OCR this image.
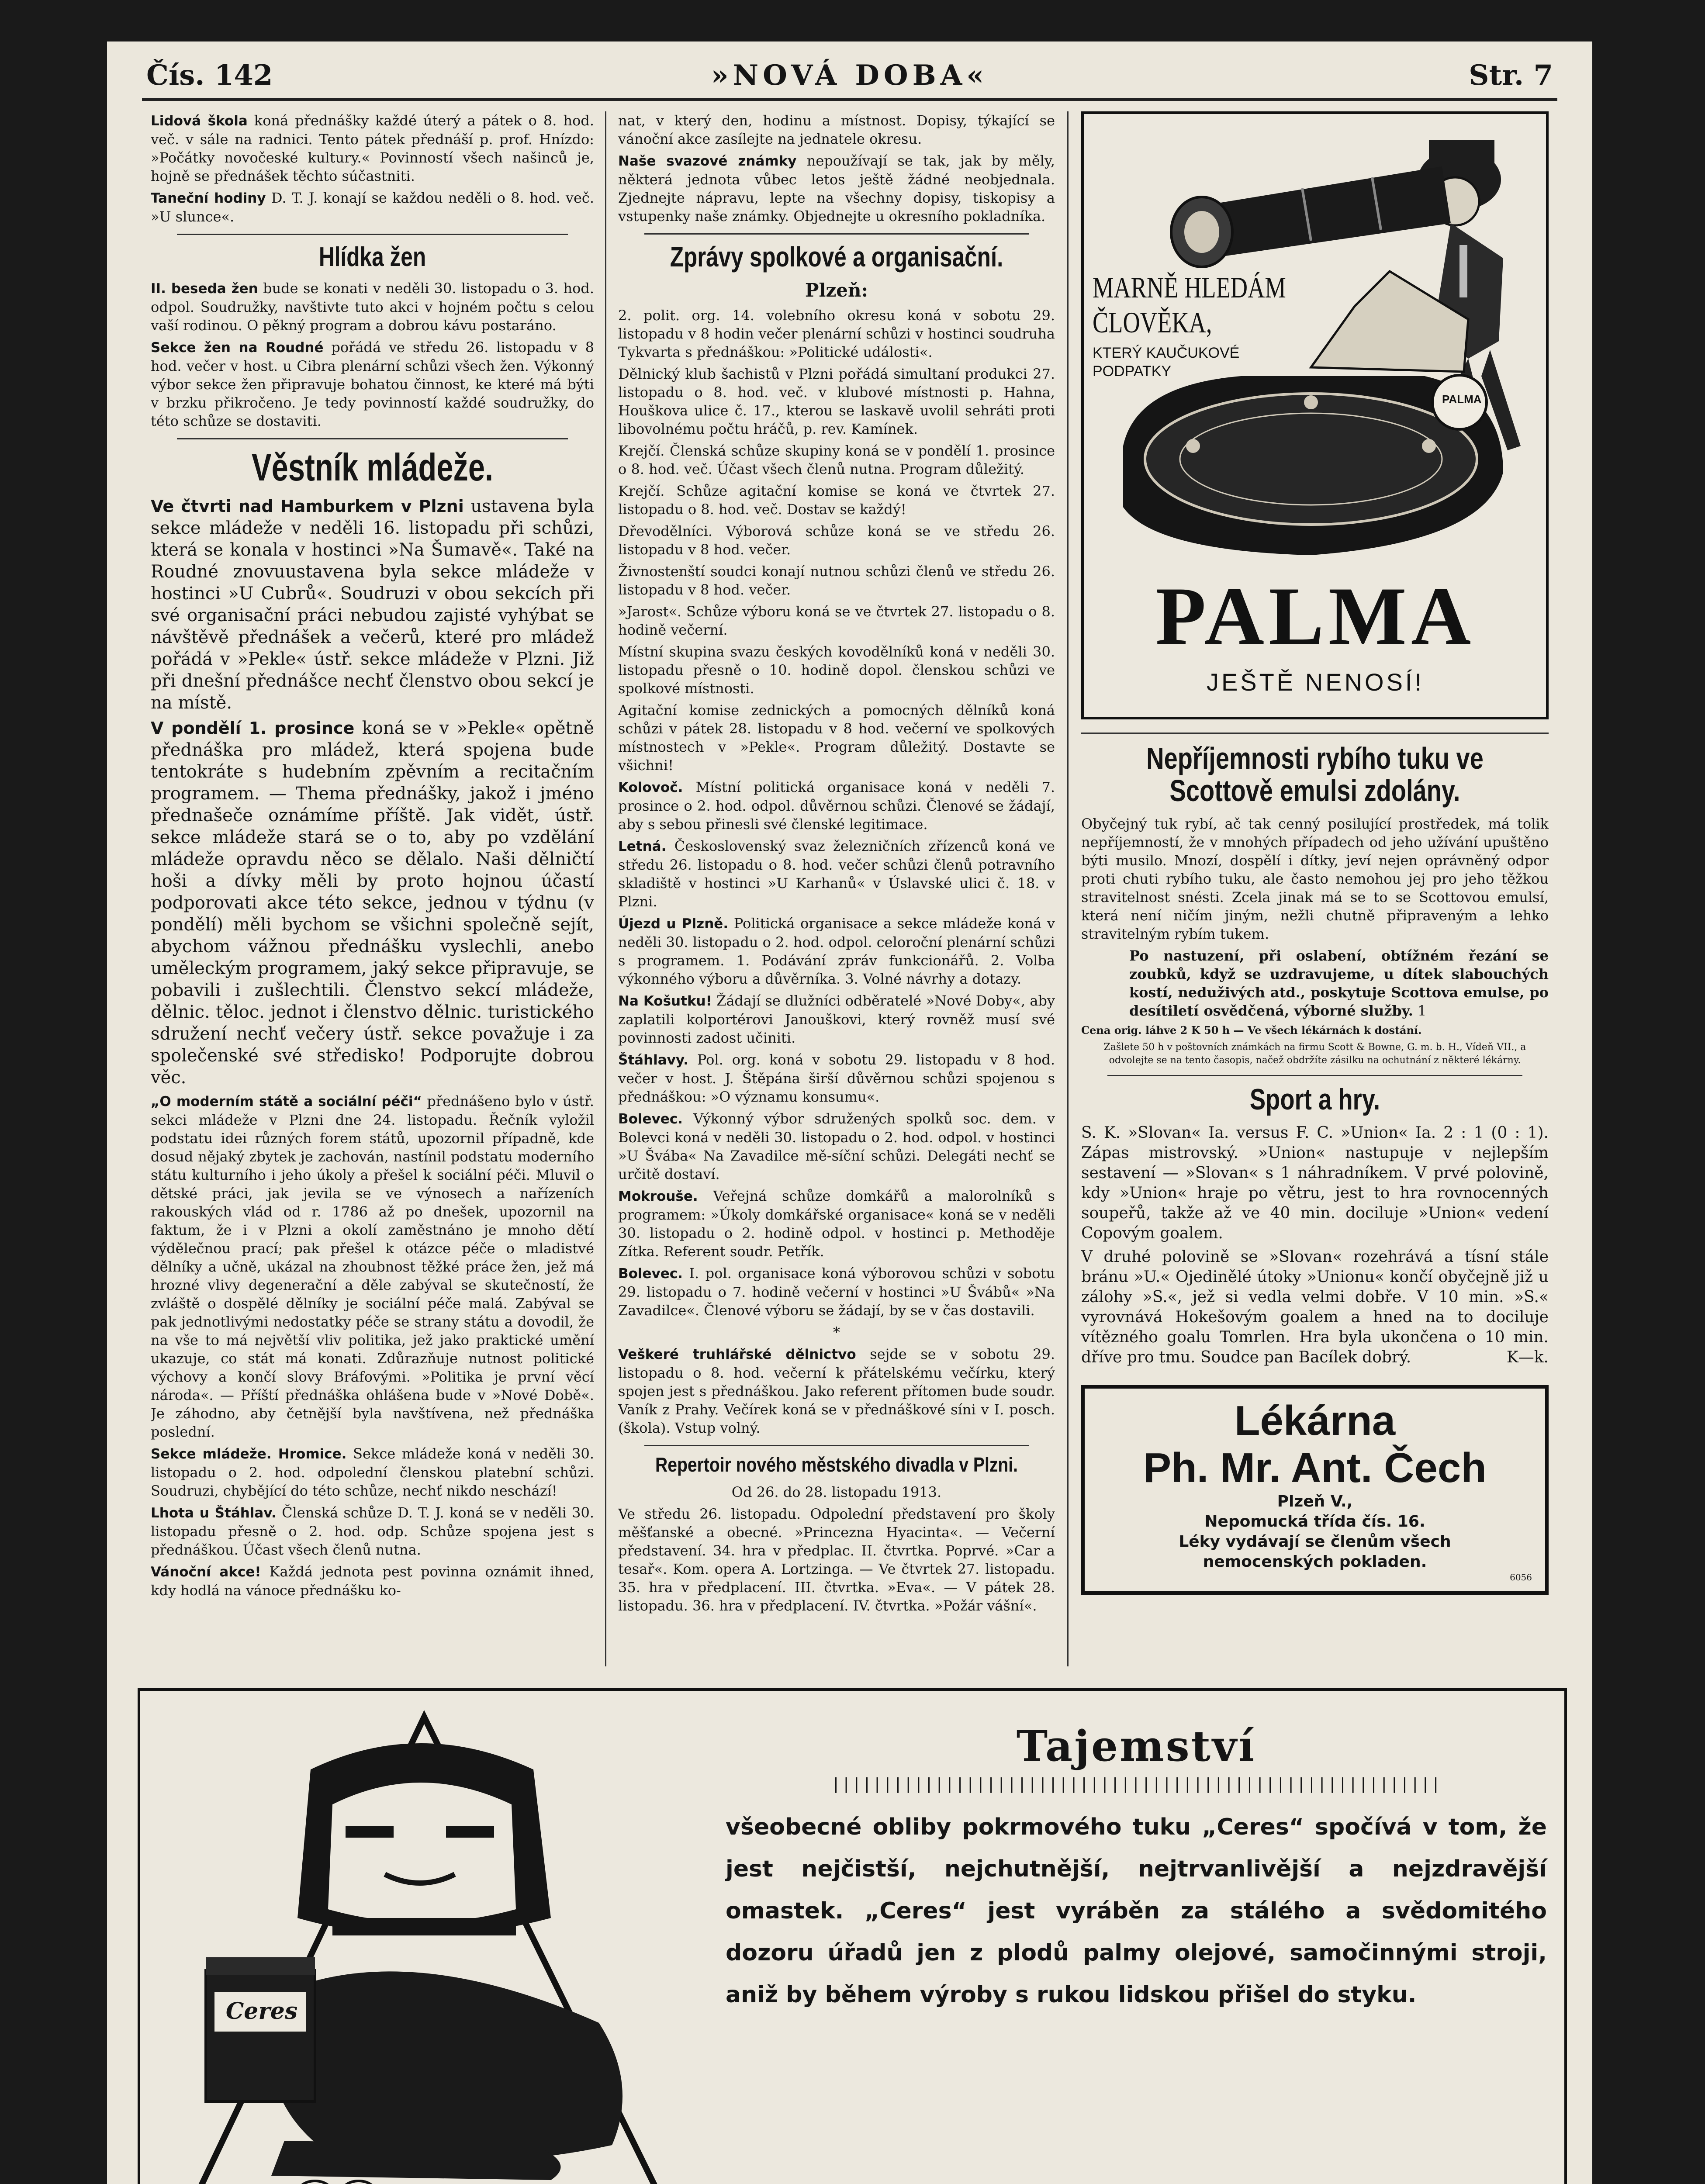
Čís. 142	»NOVÁ DOBA«	Str. 7

Lidová škola koná přednášky každé úterý a pátek o 8. hod. več. v sále na radnici. Tento pátek přednáší p. prof. Hnízdo: »Počátky novočeské kultury.« Povinností všech našinců je, hojně se přednášek těchto súčastniti.

Taneční hodiny D. T. J. konají se každou neděli o 8. hod. več. »U slunce«.

Hlídka žen

II. beseda žen bude se konati v neděli 30. listopadu o 3. hod. odpol. Soudružky, navštivte tuto akci v hojném počtu s celou vaší rodinou. O pěkný program a dobrou kávu postaráno.

Sekce žen na Roudné pořádá ve středu 26. listopadu v 8 hod. večer v host. u Cibra plenární schůzi všech žen. Výkonný výbor sekce žen připravuje bohatou činnost, ke které má býti v brzku přikročeno. Je tedy povinností každé soudružky, do této schůze se dostaviti.

Věstník mládeže.

Ve čtvrti nad Hamburkem v Plzni ustavena byla sekce mládeže v neděli 16. listopadu při schůzi, která se konala v hostinci »Na Šumavě«. Také na Roudné znovuustavena byla sekce mládeže v hostinci »U Cubrů«. Soudruzi v obou sekcích při své organisační práci nebudou zajisté vyhýbat se návštěvě přednášek a večerů, které pro mládež pořádá v »Pekle« ústř. sekce mládeže v Plzni. Již při dnešní přednášce nechť členstvo obou sekcí je na místě.

V pondělí 1. prosince koná se v »Pekle« opětně přednáška pro mládež, která spojena bude tentokráte s hudebním zpěvním a recitačním programem. — Thema přednášky, jakož i jméno přednašeče oznámíme příště. Jak vidět, ústř. sekce mládeže stará se o to, aby po vzdělání mládeže opravdu něco se dělalo. Naši dělničtí hoši a dívky měli by proto hojnou účastí podporovati akce této sekce, jednou v týdnu (v pondělí) měli bychom se všichni společně sejít, abychom vážnou přednášku vyslechli, anebo uměleckým programem, jaký sekce připravuje, se pobavili i zušlechtili. Členstvo sekcí mládeže, dělnic. těloc. jednot i členstvo dělnic. turistického sdružení nechť večery ústř. sekce považuje i za společenské své středisko! Podporujte dobrou věc.

„O moderním státě a sociální péči“ přednášeno bylo v ústř. sekci mládeže v Plzni dne 24. listopadu. Řečník vyložil podstatu idei různých forem států, upozornil případně, kde dosud nějaký zbytek je zachován, nastínil podstatu moderního státu kulturního i jeho úkoly a přešel k sociální péči. Mluvil o dětské práci, jak jevila se ve výnosech a nařízeních rakouských vlád od r. 1786 až po dnešek, upozornil na faktum, že i v Plzni a okolí zaměstnáno je mnoho dětí výdělečnou prací; pak přešel k otázce péče o mladistvé dělníky a učně, ukázal na zhoubnost těžké práce žen, jež má hrozné vlivy degenerační a děle zabýval se skutečností, že zvláště o dospělé dělníky je sociální péče malá. Zabýval se pak jednotlivými nedostatky péče se strany státu a dovodil, že na vše to má největší vliv politika, jež jako praktické umění ukazuje, co stát má konati. Zdůrazňuje nutnost politické výchovy a končí slovy Bráfovými. »Politika je první věcí národa«. — Příští přednáška ohlášena bude v »Nové Době«. Je záhodno, aby četnější byla navštívena, než přednáška poslední.

Sekce mládeže. Hromice. Sekce mládeže koná v neděli 30. listopadu o 2. hod. odpolední členskou platební schůzi. Soudruzi, chybějící do této schůze, nechť nikdo neschází!

Lhota u Štáhlav. Členská schůze D. T. J. koná se v neděli 30. listopadu přesně o 2. hod. odp. Schůze spojena jest s přednáškou. Účast všech členů nutna.

Vánoční akce! Každá jednota pest povinna oznámit ihned, kdy hodlá na vánoce přednášku ko-

nat, v který den, hodinu a místnost. Dopisy, týkající se vánoční akce zasílejte na jednatele okresu.

Naše svazové známky nepoužívají se tak, jak by měly, některá jednota vůbec letos ještě žádné neobjednala. Zjednejte nápravu, lepte na všechny dopisy, tiskopisy a vstupenky naše známky. Objednejte u okresního pokladníka.

Zprávy spolkové a organisační.
Plzeň:

2. polit. org. 14. volebního okresu koná v sobotu 29. listopadu v 8 hodin večer plenární schůzi v hostinci soudruha Tykvarta s přednáškou: »Politické události«.

Dělnický klub šachistů v Plzni pořádá simultaní produkci 27. listopadu o 8. hod. več. v klubové místnosti p. Hahna, Houškova ulice č. 17., kterou se laskavě uvolil sehráti proti libovolnému počtu hráčů, p. rev. Kamínek.

Krejčí. Členská schůze skupiny koná se v pondělí 1. prosince o 8. hod. več. Účast všech členů nutna. Program důležitý.

Krejčí. Schůze agitační komise se koná ve čtvrtek 27. listopadu o 8. hod. več. Dostav se každý!

Dřevodělníci. Výborová schůze koná se ve středu 26. listopadu v 8 hod. večer.

Živnostenští soudci konají nutnou schůzi členů ve středu 26. listopadu v 8 hod. večer.

»Jarost«. Schůze výboru koná se ve čtvrtek 27. listopadu o 8. hodině večerní.

Místní skupina svazu českých kovodělníků koná v neděli 30. listopadu přesně o 10. hodině dopol. členskou schůzi ve spolkové místnosti.

Agitační komise zednických a pomocných dělníků koná schůzi v pátek 28. listopadu v 8 hod. večerní ve spolkových místnostech v »Pekle«. Program důležitý. Dostavte se všichni!

Kolovoč. Místní politická organisace koná v neděli 7. prosince o 2. hod. odpol. důvěrnou schůzi. Členové se žádají, aby s sebou přinesli své členské legitimace.

Letná. Československý svaz železničních zřízenců koná ve středu 26. listopadu o 8. hod. večer schůzi členů potravního skladiště v hostinci »U Karhanů« v Úslavské ulici č. 18. v Plzni.

Újezd u Plzně. Politická organisace a sekce mládeže koná v neděli 30. listopadu o 2. hod. odpol. celoroční plenární schůzi s programem. 1. Podávání zpráv funkcionářů. 2. Volba výkonného výboru a důvěrníka. 3. Volné návrhy a dotazy.

Na Košutku! Žádají se dlužníci odběratelé »Nové Doby«, aby zaplatili kolportérovi Janouškovi, který rovněž musí své povinnosti zadost učiniti.

Štáhlavy. Pol. org. koná v sobotu 29. listopadu v 8 hod. večer v host. J. Štěpána širší důvěrnou schůzi spojenou s přednáškou: »O významu konsumu«.

Bolevec. Výkonný výbor sdružených spolků soc. dem. v Bolevci koná v neděli 30. listopadu o 2. hod. odpol. v hostinci »U Švába« Na Zavadilce mě-síční schůzi. Delegáti nechť se určitě dostaví.

Mokrouše. Veřejná schůze domkářů a malorolníků s programem: »Úkoly domkářské organisace« koná se v neděli 30. listopadu o 2. hodině odpol. v hostinci p. Methoděje Zítka. Referent soudr. Petřík.

Bolevec. I. pol. organisace koná výborovou schůzi v sobotu 29. listopadu o 7. hodině večerní v hostinci »U Švábů« »Na Zavadilce«. Členové výboru se žádají, by se v čas dostavili.

*

Veškeré truhlářské dělnictvo sejde se v sobotu 29. listopadu o 8. hod. večerní k přátelskému večírku, který spojen jest s přednáškou. Jako referent přítomen bude soudr. Vaník z Prahy. Večírek koná se v přednáškové síni v I. posch. (škola). Vstup volný.

Repertoir nového městského divadla v Plzni.

Od 26. do 28. listopadu 1913.

Ve středu 26. listopadu. Odpolední představení pro školy měšťanské a obecné. »Princezna Hyacinta«. — Večerní představení. 34. hra v předplac. II. čtvrtka. Poprvé. »Car a tesař«. Kom. opera A. Lortzinga. — Ve čtvrtek 27. listopadu. 35. hra v předplacení. III. čtvrtka. »Eva«. — V pátek 28. listopadu. 36. hra v předplacení. IV. čtvrtka. »Požár vášní«.

MARNĚ HLEDÁM
ČLOVĚKA,
KTERÝ KAUČUKOVÉ
PODPATKY
PALMA
PALMA
JEŠTĚ NENOSÍ!
Nepříjemnosti rybího tuku ve Scottově emulsi zdolány.

Obyčejný tuk rybí, ač tak cenný posilující prostředek, má tolik nepříjemností, že v mnohých případech od jeho užívání upuštěno býti musilo. Mnozí, dospělí i dítky, jeví nejen oprávněný odpor proti chuti rybího tuku, ale často nemohou jej pro jeho těžkou stravitelnost snésti. Zcela jinak má se to se Scottovou emulsí, která není ničím jiným, nežli chutně připraveným a lehko stravitelným rybím tukem.

Po nastuzení, při oslabení, obtížném řezání se zoubků, když se uzdravujeme, u dítek slabouchých kostí, neduživých atd., poskytuje Scottova emulse, po desítiletí osvědčená, výborné služby. 1

Cena orig. láhve 2 K 50 h — Ve všech lékárnách k dostání.

Zašlete 50 h v poštovních známkách na firmu Scott & Bowne, G. m. b. H., Vídeň VII., a odvolejte se na tento časopis, načež obdržíte zásilku na ochutnání z některé lékárny.

Sport a hry.

S. K. »Slovan« Ia. versus F. C. »Union« Ia. 2 : 1 (0 : 1). Zápas mistrovský. »Union« nastupuje v nejlepším sestavení — »Slovan« s 1 náhradníkem. V prvé polovině, kdy »Union« hraje po větru, jest to hra rovnocenných soupeřů, takže až ve 40 min. dociluje »Union« vedení Copovým goalem.

V druhé polovině se »Slovan« rozehrává a tísní stále bránu »U.« Ojedinělé útoky »Unionu« končí obyčejně již u zálohy »S.«, jež si vedla velmi dobře. V 10 min. »S.« vyrovnává Hokešovým goalem a hned na to dociluje vítězného goalu Tomrlen. Hra byla ukončena o 10 min. dříve pro tmu. Soudce pan Bacílek dobrý.	K—k.

Lékárna
Ph. Mr. Ant. Čech
Plzeň V.,
Nepomucká třída čís. 16.
Léky vydávají se členům všech
nemocenských pokladen.
6056
Ceres
Tajemství
|||||||||||||||||||||||||||||||||||||||||||||||||||||||||||
všeobecné obliby pokrmového tuku „Ceres“ spočívá v tom, že jest nejčistší, nejchutnější, nejtrvanlivější a nejzdravější omastek. „Ceres“ jest vyráběn za stálého a svědomitého dozoru úřadů jen z plodů palmy olejové, samočinnými stroji, aniž by během výroby s rukou lidskou přišel do styku.
